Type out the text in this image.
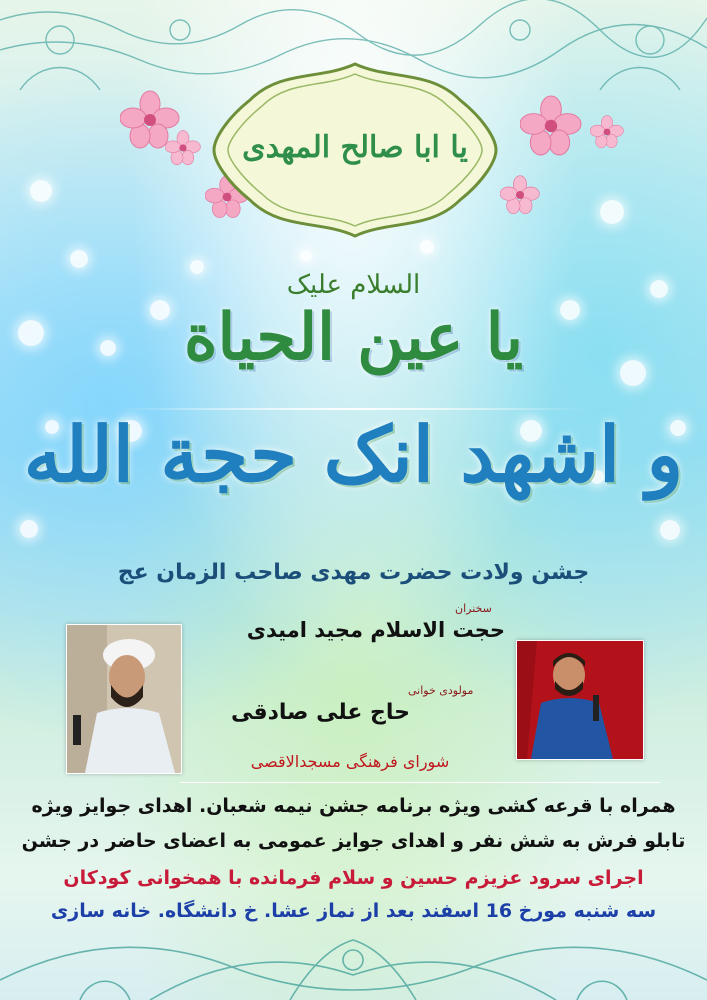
یا ابا صالح المهدی
السلام علیک
یا عین الحیاة
و اشهد انک حجة الله
جشن ولادت حضرت مهدی صاحب الزمان عج
سخنران
حجت الاسلام مجید امیدی
مولودی خوانی
حاج علی صادقی
شورای فرهنگی مسجدالاقصی
همراه با قرعه کشی ویژه برنامه جشن نیمه شعبان. اهدای جوایز ویژه
تابلو فرش به شش نفر و اهدای جوایز عمومی به اعضای حاضر در جشن
اجرای سرود عزیزم حسین و سلام فرمانده با همخوانی کودکان
سه شنبه مورخ 16 اسفند بعد از نماز عشا. خ دانشگاه. خانه سازی
